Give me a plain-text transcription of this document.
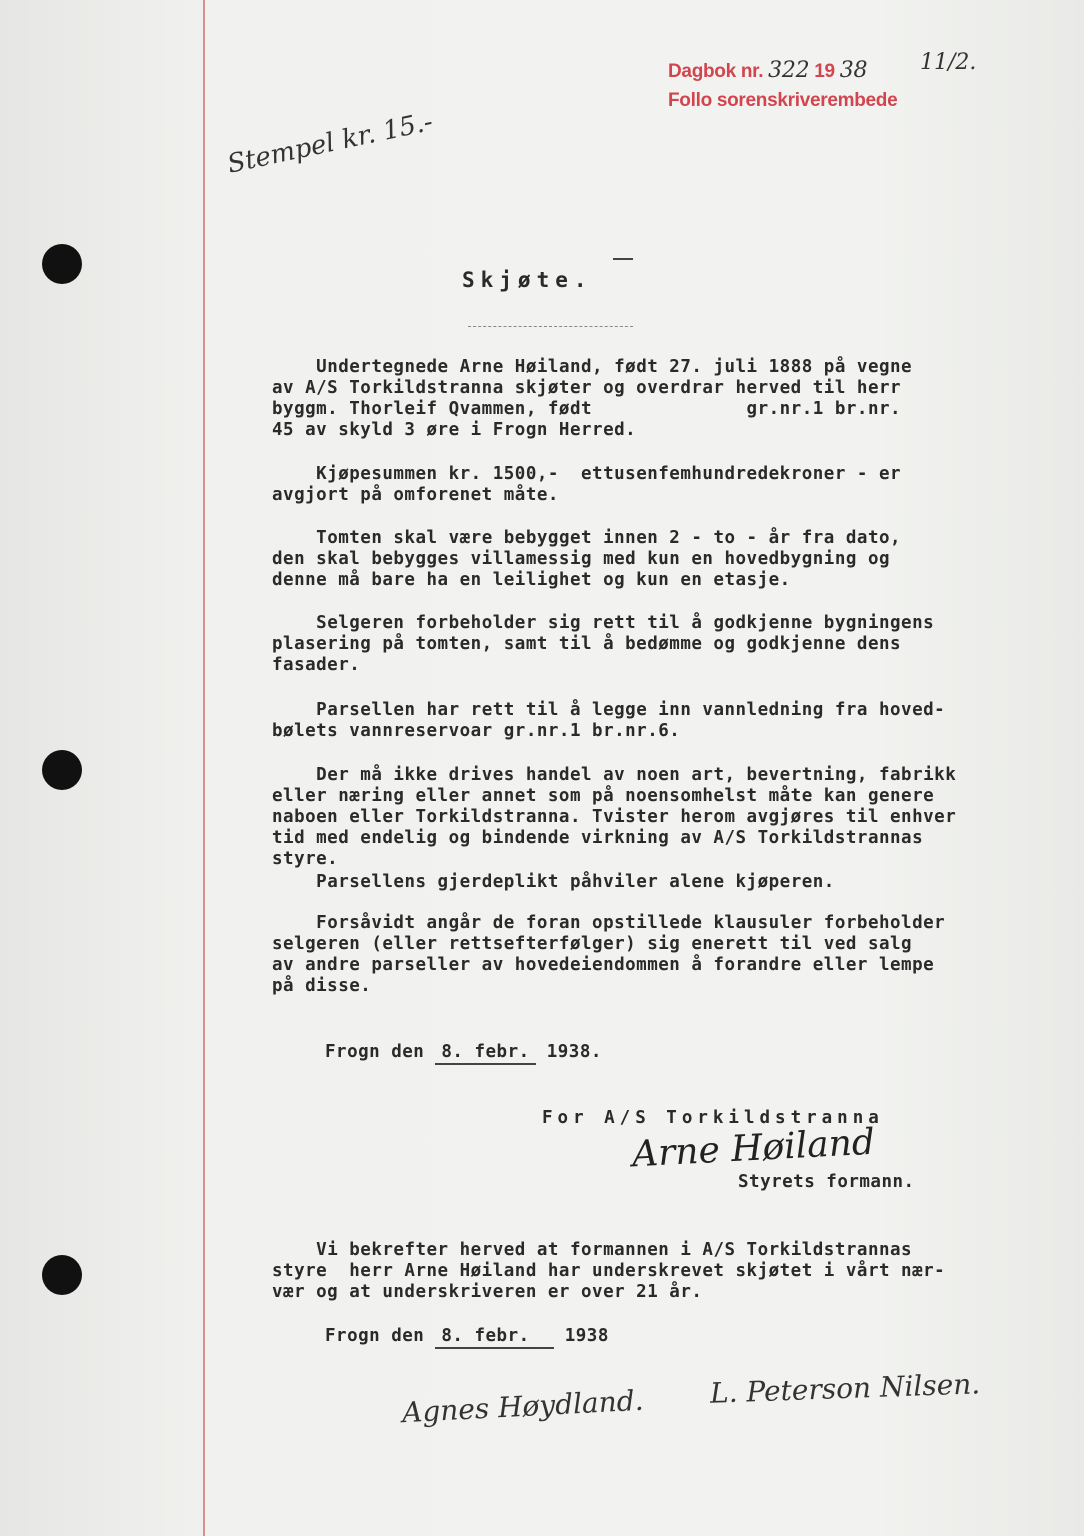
Dagbok nr. 322 19 38 11/2.
Follo sorenskriverembede
Stempel kr. 15.-
Skjøte.
Undertegnede Arne Høiland, født 27. juli 1888 på vegne
av A/S Torkildstranna skjøter og overdrar herved til herr
byggm. Thorleif Qvammen, født              gr.nr.1 br.nr.
45 av skyld 3 øre i Frogn Herred.
Kjøpesummen kr. 1500,-  ettusenfemhundredekroner - er
avgjort på omforenet måte.
Tomten skal være bebygget innen 2 - to - år fra dato,
den skal bebygges villamessig med kun en hovedbygning og
denne må bare ha en leilighet og kun en etasje.
Selgeren forbeholder sig rett til å godkjenne bygningens
plasering på tomten, samt til å bedømme og godkjenne dens
fasader.
Parsellen har rett til å legge inn vannledning fra hoved-
bølets vannreservoar gr.nr.1 br.nr.6.
Der må ikke drives handel av noen art, bevertning, fabrikk
eller næring eller annet som på noensomhelst måte kan genere
naboen eller Torkildstranna. Tvister herom avgjøres til enhver
tid med endelig og bindende virkning av A/S Torkildstrannas
styre.
Parsellens gjerdeplikt påhviler alene kjøperen.
Forsåvidt angår de foran opstillede klausuler forbeholder
selgeren (eller rettsefterfølger) sig enerett til ved salg
av andre parseller av hovedeiendommen å forandre eller lempe
på disse.
Frogn den 8. febr. 1938.
For A/S Torkildstranna
Arne Høiland
Styrets formann.
Vi bekrefter herved at formannen i A/S Torkildstrannas
styre  herr Arne Høiland har underskrevet skjøtet i vårt nær-
vær og at underskriveren er over 21 år.
Frogn den 8. febr. 1938
Agnes Høydland. L. Peterson Nilsen.
